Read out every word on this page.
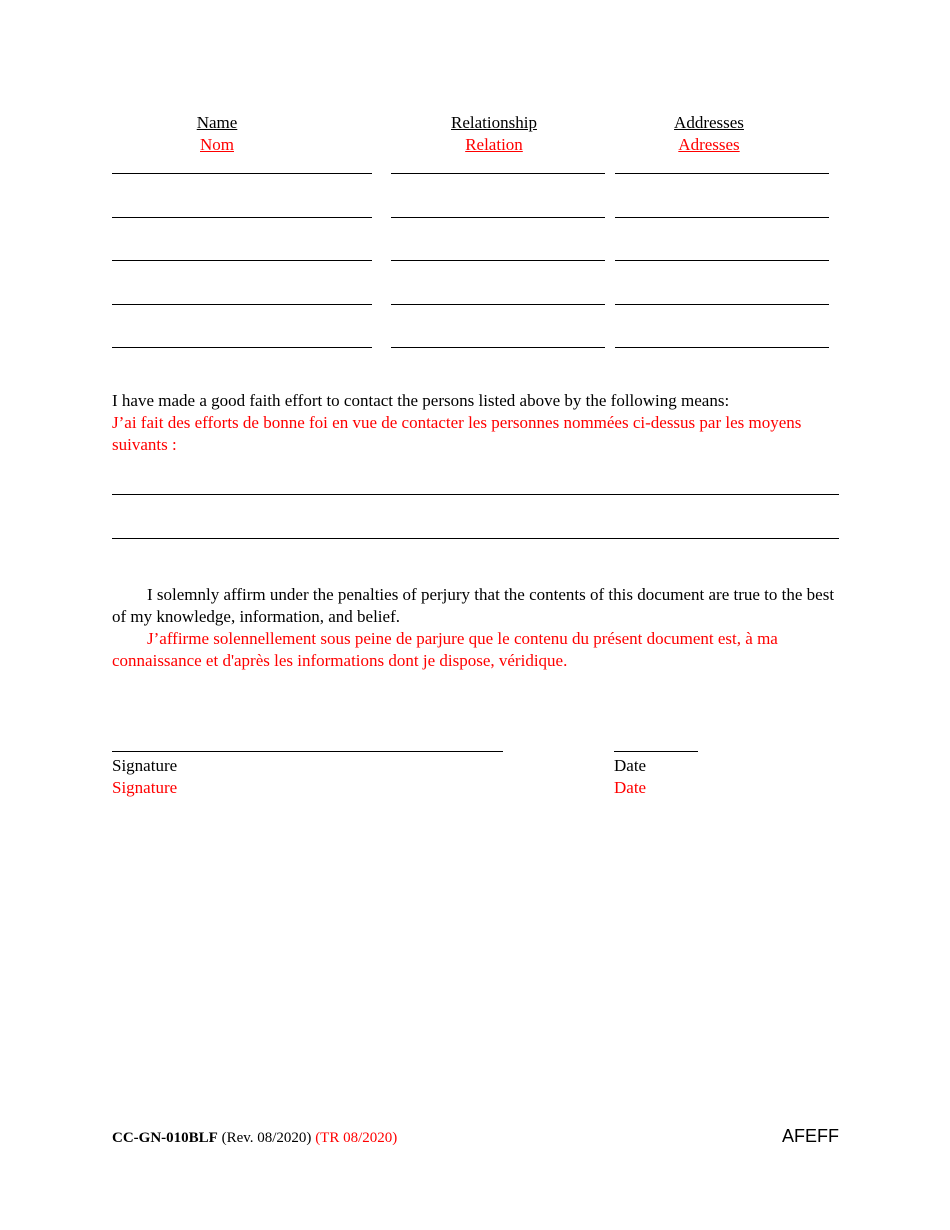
Name
Nom
Relationship
Relation
Addresses
Adresses
I have made a good faith effort to contact the persons listed above by the following means:
J’ai fait des efforts de bonne foi en vue de contacter les personnes nommées ci-dessus par les moyens suivants :
I solemnly affirm under the penalties of perjury that the contents of this document are true to the best of my knowledge, information, and belief.
J’affirme solennellement sous peine de parjure que le contenu du présent document est, à ma connaissance et d'après les informations dont je dispose, véridique.
Signature
Signature
Date
Date
CC-GN-010BLF (Rev. 08/2020) (TR 08/2020)	AFEFF
